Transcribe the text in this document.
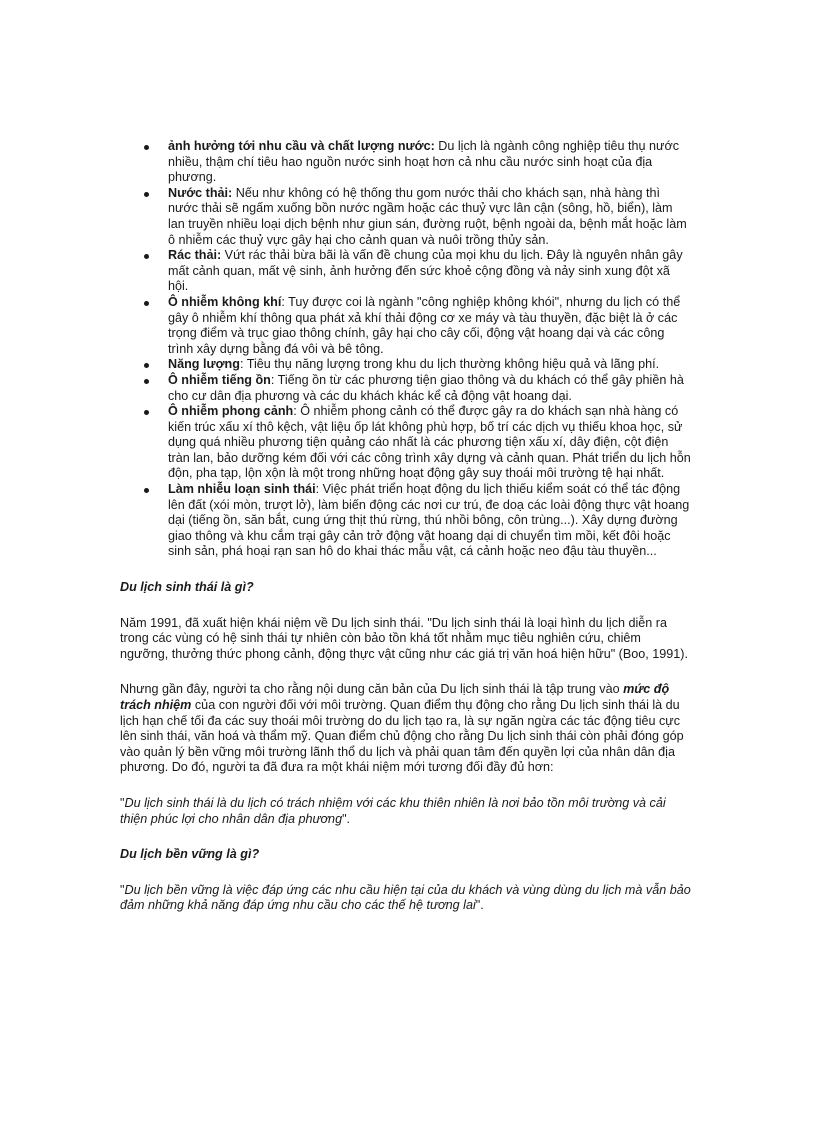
ảnh hưởng tới nhu cầu và chất lượng nước: Du lịch là ngành công nghiệp tiêu thụ nước nhiều, thậm chí tiêu hao nguồn nước sinh hoạt hơn cả nhu cầu nước sinh hoạt của địa phương.
Nước thải: Nếu như không có hệ thống thu gom nước thải cho khách sạn, nhà hàng thì nước thải sẽ ngấm xuống bồn nước ngầm hoặc các thuỷ vực lân cận (sông, hồ, biển), làm lan truyền nhiều loại dịch bệnh như giun sán, đường ruột, bệnh ngoài da, bệnh mắt hoặc làm ô nhiễm các thuỷ vực gây hại cho cảnh quan và nuôi trồng thủy sản.
Rác thải: Vứt rác thải bừa bãi là vấn đề chung của mọi khu du lịch. Đây là nguyên nhân gây mất cảnh quan, mất vệ sinh, ảnh hưởng đến sức khoẻ cộng đồng và nảy sinh xung đột xã hội.
Ô nhiễm không khí: Tuy được coi là ngành "công nghiệp không khói", nhưng du lịch có thể gây ô nhiễm khí thông qua phát xả khí thải động cơ xe máy và tàu thuyền, đặc biệt là ở các trọng điểm và trục giao thông chính, gây hại cho cây cối, động vật hoang dại và các công trình xây dựng bằng đá vôi và bê tông.
Năng lượng: Tiêu thụ năng lượng trong khu du lịch thường không hiệu quả và lãng phí.
Ô nhiễm tiếng ồn: Tiếng ồn từ các phương tiện giao thông và du khách có thể gây phiền hà cho cư dân địa phương và các du khách khác kể cả động vật hoang dại.
Ô nhiễm phong cảnh: Ô nhiễm phong cảnh có thể được gây ra do khách sạn nhà hàng có kiến trúc xấu xí thô kệch, vật liệu ốp lát không phù hợp, bố trí các dịch vụ thiếu khoa học, sử dụng quá nhiều phương tiện quảng cáo nhất là các phương tiện xấu xí, dây điện, cột điện tràn lan, bảo dưỡng kém đối với các công trình xây dựng và cảnh quan. Phát triển du lịch hỗn độn, pha tạp, lộn xộn là một trong những hoạt động gây suy thoái môi trường tệ hại nhất.
Làm nhiễu loạn sinh thái: Việc phát triển hoạt động du lịch thiếu kiểm soát có thể tác động lên đất (xói mòn, trượt lở), làm biến động các nơi cư trú, đe doạ các loài động thực vật hoang dại (tiếng ồn, săn bắt, cung ứng thịt thú rừng, thú nhồi bông, côn trùng...). Xây dựng đường giao thông và khu cắm trại gây cản trở động vật hoang dại di chuyển tìm mồi, kết đôi hoặc sinh sản, phá hoại rạn san hô do khai thác mẫu vật, cá cảnh hoặc neo đậu tàu thuyền...

Du lịch sinh thái là gì?

Năm 1991, đã xuất hiện khái niệm về Du lịch sinh thái. "Du lịch sinh thái là loại hình du lịch diễn ra trong các vùng có hệ sinh thái tự nhiên còn bảo tồn khá tốt nhằm mục tiêu nghiên cứu, chiêm ngưỡng, thưởng thức phong cảnh, động thực vật cũng như các giá trị văn hoá hiện hữu" (Boo, 1991).

Nhưng gần đây, người ta cho rằng nội dung căn bản của Du lịch sinh thái là tập trung vào mức độ trách nhiệm của con người đối với môi trường. Quan điểm thụ động cho rằng Du lịch sinh thái là du lịch hạn chế tối đa các suy thoái môi trường do du lịch tạo ra, là sự ngăn ngừa các tác động tiêu cực lên sinh thái, văn hoá và thẩm mỹ. Quan điểm chủ động cho rằng Du lịch sinh thái còn phải đóng góp vào quản lý bền vững môi trường lãnh thổ du lịch và phải quan tâm đến quyền lợi của nhân dân địa phương. Do đó, người ta đã đưa ra một khái niệm mới tương đối đầy đủ hơn:

"Du lịch sinh thái là du lịch có trách nhiệm với các khu thiên nhiên là nơi bảo tồn môi trường và cải thiện phúc lợi cho nhân dân địa phương".

Du lịch bền vững là gì?

"Du lịch bền vững là việc đáp ứng các nhu cầu hiện tại của du khách và vùng dùng du lịch mà vẫn bảo đảm những khả năng đáp ứng nhu cầu cho các thế hệ tương lai".
